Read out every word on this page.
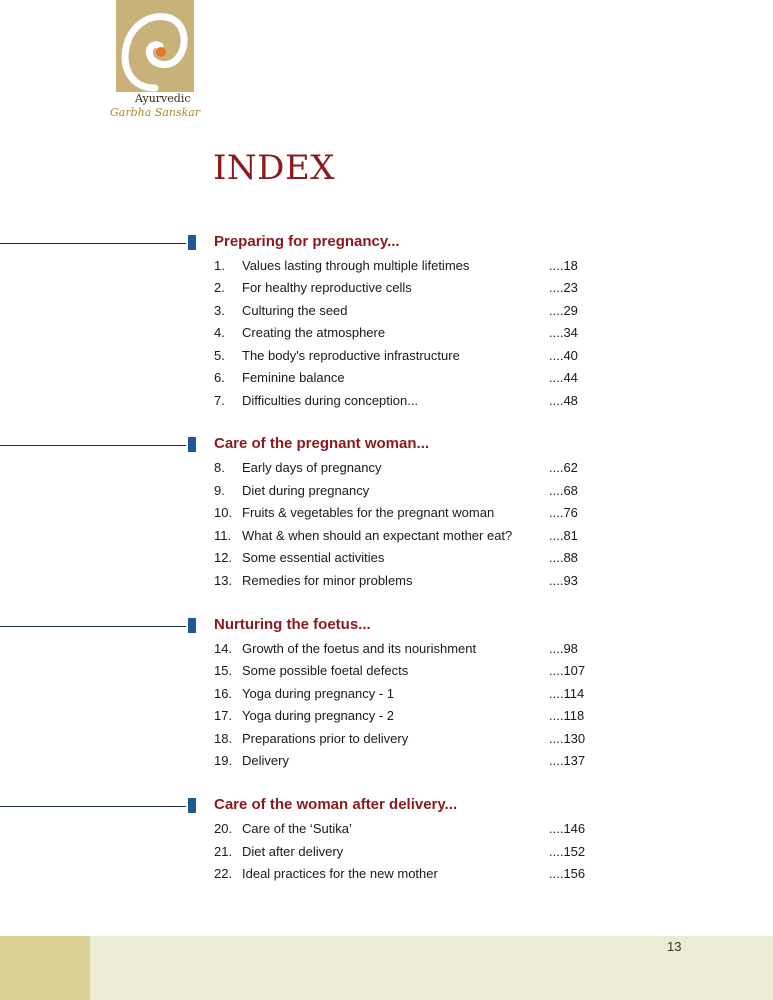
Ayurvedic
Garbha Sanskar
INDEX
Preparing for pregnancy...
1. Values lasting through multiple lifetimes	....18
2. For healthy reproductive cells	....23
3. Culturing the seed	....29
4. Creating the atmosphere	....34
5. The body's reproductive infrastructure	....40
6. Feminine balance	....44
7. Difficulties during conception...	....48
Care of the pregnant woman...
8. Early days of pregnancy	....62
9. Diet during pregnancy	....68
10. Fruits & vegetables for the pregnant woman	....76
11. What & when should an expectant mother eat?	....81
12. Some essential activities	....88
13. Remedies for minor problems	....93
Nurturing the foetus...
14. Growth of the foetus and its nourishment	....98
15. Some possible foetal defects	....107
16. Yoga during pregnancy - 1	....114
17. Yoga during pregnancy - 2	....118
18. Preparations prior to delivery	....130
19. Delivery	....137
Care of the woman after delivery...
20. Care of the ‘Sutika’	....146
21. Diet after delivery	....152
22. Ideal practices for the new mother	....156
13
